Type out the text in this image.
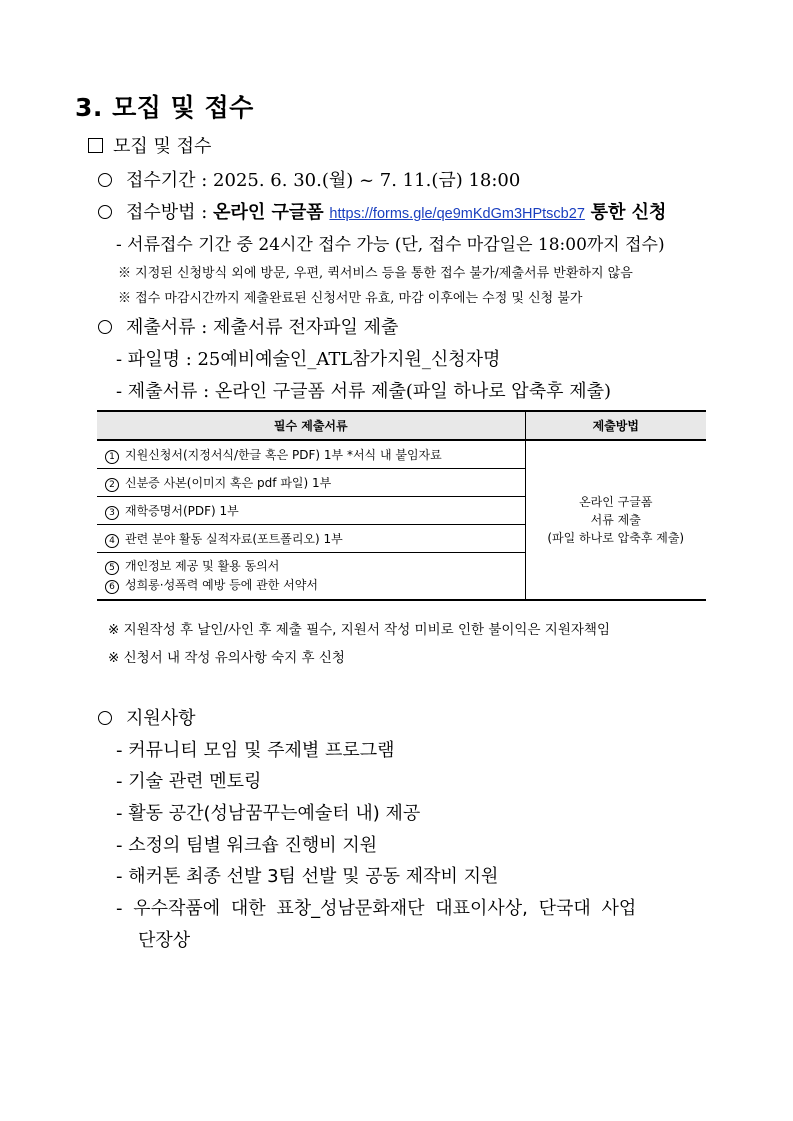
3. 모집 및 접수
모집 및 접수
접수기간 : 2025. 6. 30.(월) ~ 7. 11.(금) 18:00
접수방법 : 온라인 구글폼 https://forms.gle/qe9mKdGm3HPtscb27 통한 신청
- 서류접수 기간 중 24시간 접수 가능 (단, 접수 마감일은 18:00까지 접수)
※ 지정된 신청방식 외에 방문, 우편, 퀵서비스 등을 통한 접수 불가/제출서류 반환하지 않음
※ 접수 마감시간까지 제출완료된 신청서만 유효, 마감 이후에는 수정 및 신청 불가
제출서류 : 제출서류 전자파일 제출
- 파일명 : 25예비예술인_ATL참가지원_신청자명
- 제출서류 : 온라인 구글폼 서류 제출(파일 하나로 압축후 제출)
필수 제출서류	제출방법
1 지원신청서(지정서식/한글 혹은 PDF) 1부 *서식 내 붙임자료	온라인 구글폼
서류 제출
(파일 하나로 압축후 제출)

2 신분증 사본(이미지 혹은 pdf 파일) 1부	
3 재학증명서(PDF) 1부	
4 관련 분야 활동 실적자료(포트폴리오) 1부	

5 개인정보 제공 및 활용 동의서
6 성희롱·성폭력 예방 등에 관한 서약서	
※ 지원작성 후 날인/사인 후 제출 필수, 지원서 작성 미비로 인한 불이익은 지원자책임
※ 신청서 내 작성 유의사항 숙지 후 신청
지원사항
- 커뮤니티 모임 및 주제별 프로그램
- 기술 관련 멘토링
- 활동 공간(성남꿈꾸는예술터 내) 제공
- 소정의 팀별 워크숍 진행비 지원
- 해커톤 최종 선발 3팀 선발 및 공동 제작비 지원
- 우수작품에 대한 표창_성남문화재단 대표이사상, 단국대 사업
단장상
